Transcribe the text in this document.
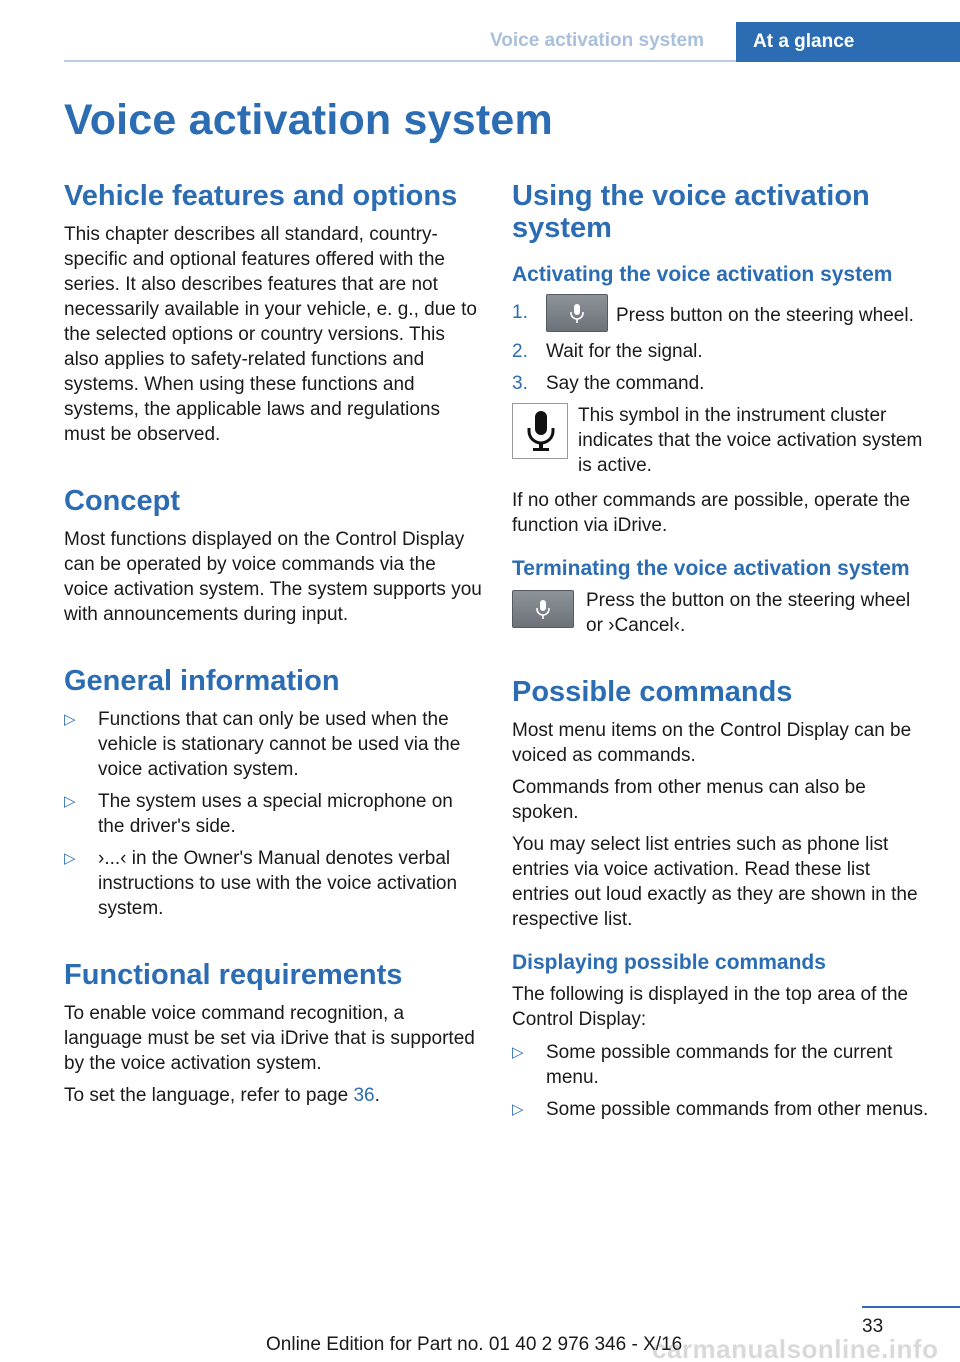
Voice activation system	At a glance
Voice activation system
Vehicle features and options

This chapter describes all standard, country-specific and optional features offered with the series. It also describes features that are not necessarily available in your vehicle, e. g., due to the selected options or country versions. This also applies to safety-related functions and systems. When using these functions and systems, the applicable laws and regulations must be observed.

Concept

Most functions displayed on the Control Display can be operated by voice commands via the voice activation system. The system supports you with announcements during input.

General information
▷ Functions that can only be used when the vehicle is stationary cannot be used via the voice activation system.
▷ The system uses a special microphone on the driver's side.
▷ ›...‹ in the Owner's Manual denotes verbal instructions to use with the voice activation system.
Functional requirements

To enable voice command recognition, a language must be set via iDrive that is supported by the voice activation system.

To set the language, refer to page 36.

Using the voice activation system
Activating the voice activation system
1.	Press button on the steering wheel.
2. Wait for the signal.
3. Say the command.
This symbol in the instrument cluster indicates that the voice activation system is active.

If no other commands are possible, operate the function via iDrive.

Terminating the voice activation system
Press the button on the steering wheel or ›Cancel‹.
Possible commands

Most menu items on the Control Display can be voiced as commands.

Commands from other menus can also be spoken.

You may select list entries such as phone list entries via voice activation. Read these list entries out loud exactly as they are shown in the respective list.

Displaying possible commands

The following is displayed in the top area of the Control Display:

▷ Some possible commands for the current menu.
▷ Some possible commands from other menus.
33
Online Edition for Part no. 01 40 2 976 346 - X/16
carmanualsonline.info
